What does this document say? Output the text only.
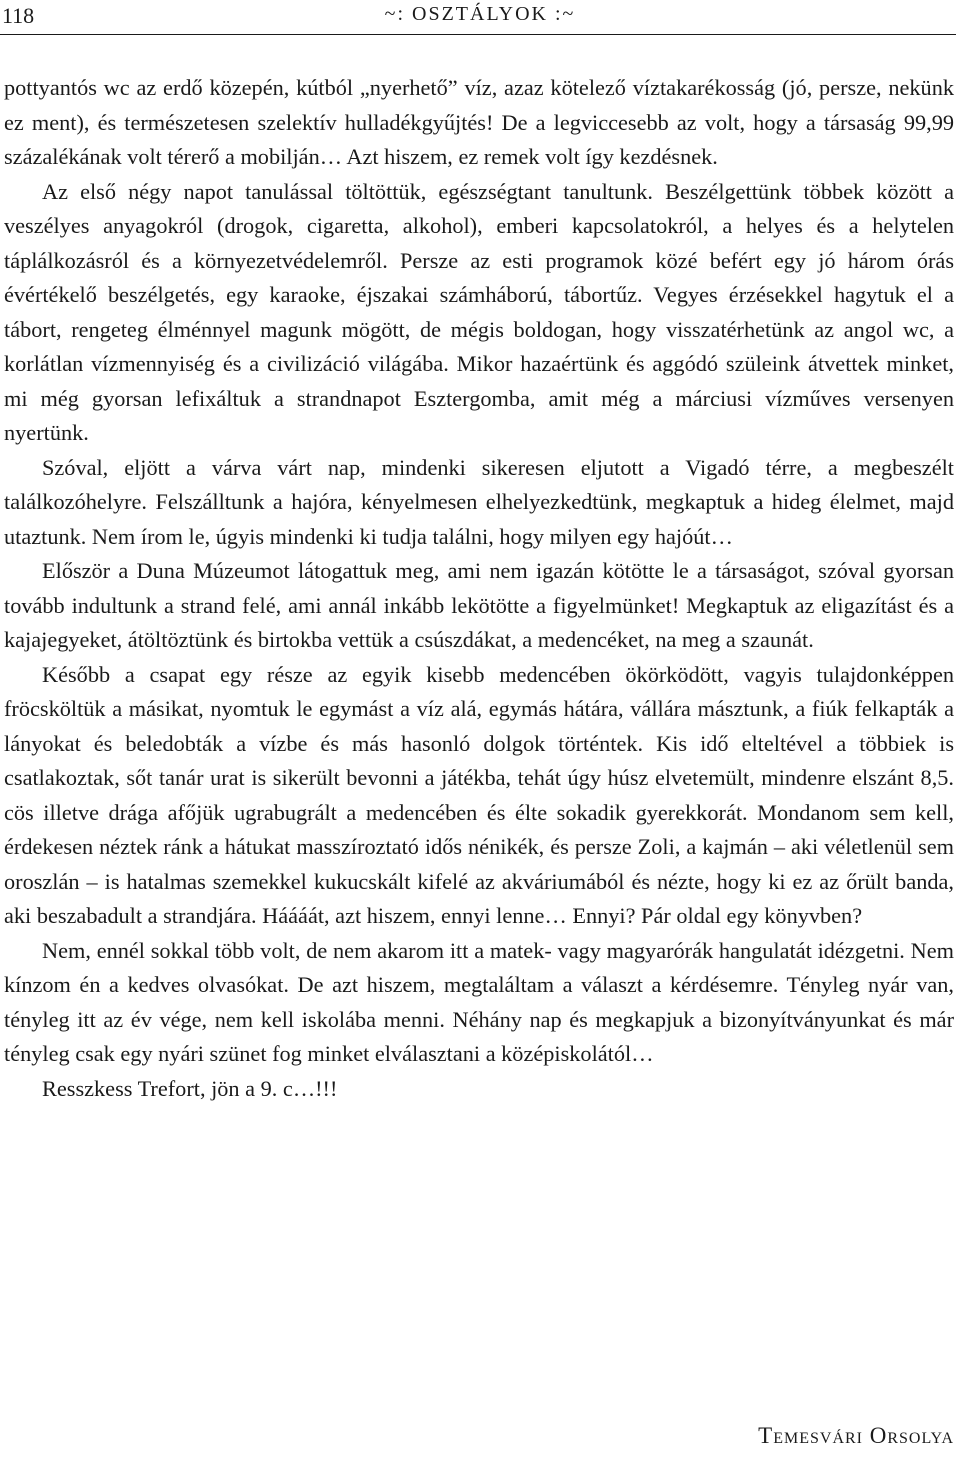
118	~: OSZTÁLYOK :~

pottyantós wc az erdő közepén, kútból „nyerhető” víz, azaz kötelező víztakarékosság (jó, persze, nekünk ez ment), és természetesen szelektív hulladékgyűjtés! De a legviccesebb az volt, hogy a társaság 99,99 százalékának volt térerő a mobilján… Azt hiszem, ez remek volt így kezdésnek.

Az első négy napot tanulással töltöttük, egészségtant tanultunk. Beszélgettünk többek között a veszélyes anyagokról (drogok, cigaretta, alkohol), emberi kapcsolatokról, a helyes és a helytelen táplálkozásról és a környezetvédelemről. Persze az esti programok közé befért egy jó három órás évértékelő beszélgetés, egy karaoke, éjszakai számháború, tábortűz. Vegyes érzésekkel hagytuk el a tábort, rengeteg élménnyel magunk mögött, de mégis boldogan, hogy visszatérhetünk az angol wc, a korlátlan vízmennyiség és a civilizáció világába. Mikor hazaértünk és aggódó szüleink átvettek minket, mi még gyorsan lefixáltuk a strandnapot Esztergomba, amit még a márciusi vízműves versenyen nyertünk.

Szóval, eljött a várva várt nap, mindenki sikeresen eljutott a Vigadó térre, a megbeszélt találkozóhelyre. Felszálltunk a hajóra, kényelmesen elhelyezkedtünk, megkaptuk a hideg élelmet, majd utaztunk. Nem írom le, úgyis mindenki ki tudja találni, hogy milyen egy hajóút…

Először a Duna Múzeumot látogattuk meg, ami nem igazán kötötte le a társaságot, szóval gyorsan tovább indultunk a strand felé, ami annál inkább lekötötte a figyelmünket! Megkaptuk az eligazítást és a kajajegyeket, átöltöztünk és birtokba vettük a csúszdákat, a medencéket, na meg a szaunát.

Később a csapat egy része az egyik kisebb medencében ökörködött, vagyis tulajdonképpen fröcsköltük a másikat, nyomtuk le egymást a víz alá, egymás hátára, vállára másztunk, a fiúk felkapták a lányokat és beledobták a vízbe és más hasonló dolgok történtek. Kis idő elteltével a többiek is csatlakoztak, sőt tanár urat is sikerült bevonni a játékba, tehát úgy húsz elvetemült, mindenre elszánt 8,5. cös illetve drága afőjük ugrabugrált a medencében és élte sokadik gyerekkorát. Mondanom sem kell, érdekesen néztek ránk a hátukat masszíroztató idős nénikék, és persze Zoli, a kajmán – aki véletlenül sem oroszlán – is hatalmas szemekkel kukucskált kifelé az akváriumából és nézte, hogy ki ez az őrült banda, aki beszabadult a strandjára. Háááát, azt hiszem, ennyi lenne… Ennyi? Pár oldal egy könyvben?

Nem, ennél sokkal több volt, de nem akarom itt a matek- vagy magyarórák hangulatát idézgetni. Nem kínzom én a kedves olvasókat. De azt hiszem, megtaláltam a választ a kérdésemre. Tényleg nyár van, tényleg itt az év vége, nem kell iskolába menni. Néhány nap és megkapjuk a bizonyítványunkat és már tényleg csak egy nyári szünet fog minket elválasztani a középiskolától…

Resszkess Trefort, jön a 9. c…!!!

Temesvári Orsolya
